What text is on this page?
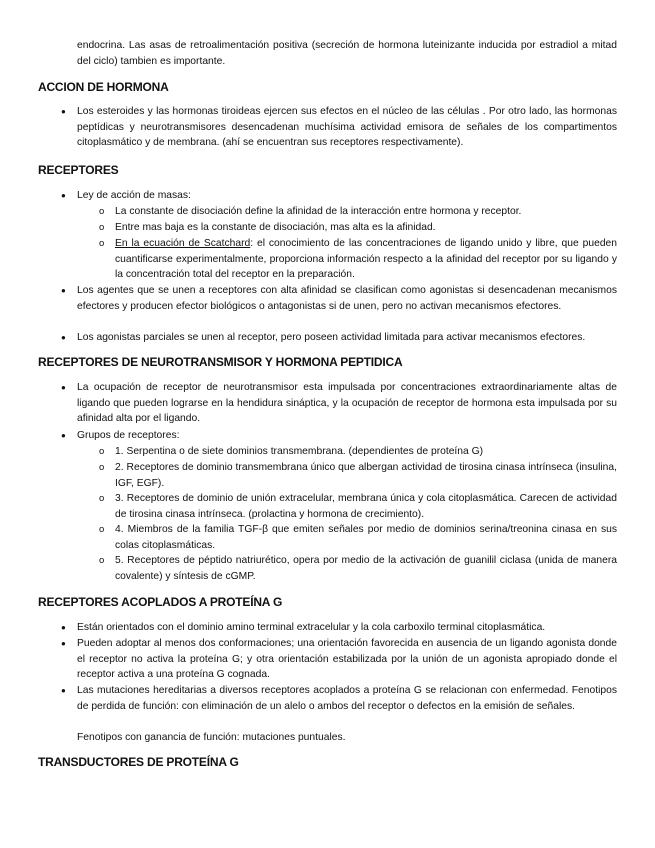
endocrina. Las asas de retroalimentación positiva (secreción de hormona luteinizante inducida por estradiol a mitad del ciclo) tambien es importante.

ACCION DE HORMONA
● Los esteroides y las hormonas tiroideas ejercen sus efectos en el núcleo de las células . Por otro lado, las hormonas peptídicas y neurotransmisores desencadenan muchísima actividad emisora de señales de los compartimentos citoplasmático y de membrana. (ahí se encuentran sus receptores respectivamente).

RECEPTORES
● Ley de acción de masas:

o La constante de disociación define la afinidad de la interacción entre hormona y receptor.

o Entre mas baja es la constante de disociación, mas alta es la afinidad.

o En la ecuación de Scatchard: el conocimiento de las concentraciones de ligando unido y libre, que pueden cuantificarse experimentalmente, proporciona información respecto a la afinidad del receptor por su ligando y la concentración total del receptor en la preparación.

● Los agentes que se unen a receptores con alta afinidad se clasifican como agonistas si desencadenan mecanismos efectores y producen efector biológicos o antagonistas si de unen, pero no activan mecanismos efectores.

● Los agonistas parciales se unen al receptor, pero poseen actividad limitada para activar mecanismos efectores.

RECEPTORES DE NEUROTRANSMISOR Y HORMONA PEPTIDICA
● La ocupación de receptor de neurotransmisor esta impulsada por concentraciones extraordinariamente altas de ligando que pueden lograrse en la hendidura sináptica, y la ocupación de receptor de hormona esta impulsada por su afinidad alta por el ligando.

● Grupos de receptores:

o 1. Serpentina o de siete dominios transmembrana. (dependientes de proteína G)

o 2. Receptores de dominio transmembrana único que albergan actividad de tirosina cinasa intrínseca (insulina, IGF, EGF).

o 3. Receptores de dominio de unión extracelular, membrana única y cola citoplasmática. Carecen de actividad de tirosina cinasa intrínseca. (prolactina y hormona de crecimiento).

o 4. Miembros de la familia TGF-β que emiten señales por medio de dominios serina/treonina cinasa en sus colas citoplasmáticas.

o 5. Receptores de péptido natriurético, opera por medio de la activación de guanilil ciclasa (unida de manera covalente) y síntesis de cGMP.

RECEPTORES ACOPLADOS A PROTEÍNA G
● Están orientados con el dominio amino terminal extracelular y la cola carboxilo terminal citoplasmática.

● Pueden adoptar al menos dos conformaciones; una orientación favorecida en ausencia de un ligando agonista donde el receptor no activa la proteína G; y otra orientación estabilizada por la unión de un agonista apropiado donde el receptor activa a una proteína G cognada.

● Las mutaciones hereditarias a diversos receptores acoplados a proteína G se relacionan con enfermedad. Fenotipos de perdida de función: con eliminación de un alelo o ambos del receptor o defectos en la emisión de señales.

Fenotipos con ganancia de función: mutaciones puntuales.

TRANSDUCTORES DE PROTEÍNA G
